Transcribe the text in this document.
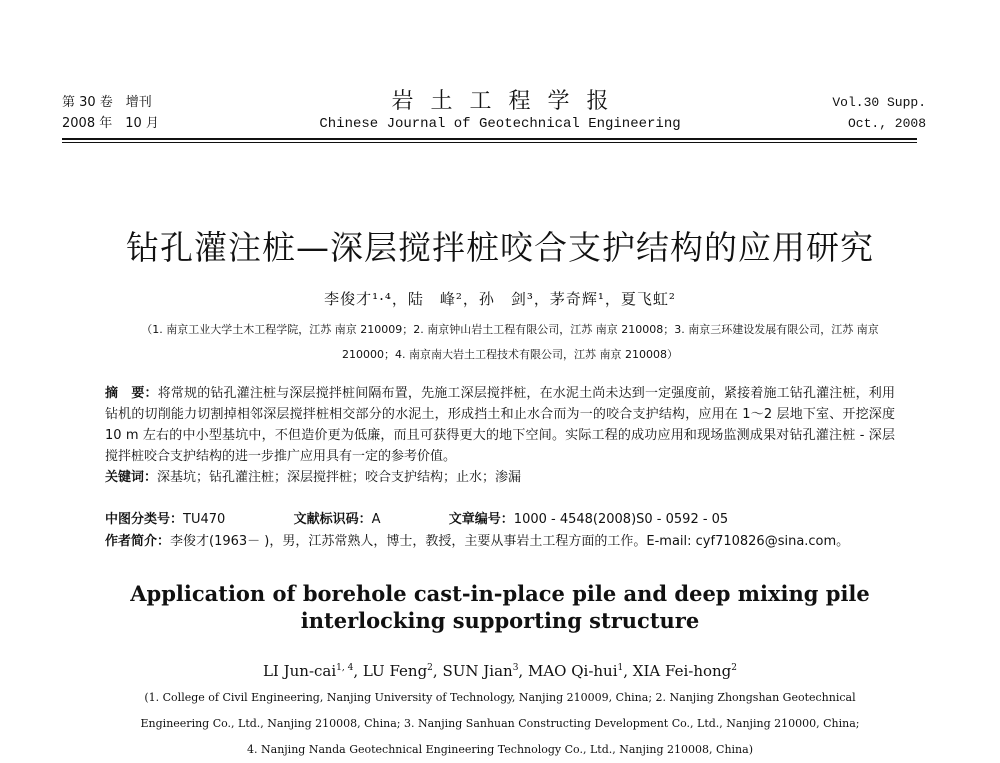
第 30 卷　增刊
2008 年　10 月
岩土工程学报
Chinese Journal of Geotechnical Engineering
Vol.30 Supp.
Oct., 2008
钻孔灌注桩—深层搅拌桩咬合支护结构的应用研究
李俊才¹·⁴，陆　峰²，孙　剑³，茅奇辉¹，夏飞虹²
（1. 南京工业大学土木工程学院，江苏 南京 210009；2. 南京钟山岩土工程有限公司，江苏 南京 210008；3. 南京三环建设发展有限公司，江苏 南京 210000；4. 南京南大岩土工程技术有限公司，江苏 南京 210008）
摘　要：将常规的钻孔灌注桩与深层搅拌桩间隔布置，先施工深层搅拌桩，在水泥土尚未达到一定强度前，紧接着施工钻孔灌注桩，利用钻机的切削能力切割掉相邻深层搅拌桩相交部分的水泥土，形成挡土和止水合而为一的咬合支护结构，应用在 1～2 层地下室、开挖深度 10 m 左右的中小型基坑中，不但造价更为低廉，而且可获得更大的地下空间。实际工程的成功应用和现场监测成果对钻孔灌注桩 - 深层搅拌桩咬合支护结构的进一步推广应用具有一定的参考价值。
关键词：深基坑；钻孔灌注桩；深层搅拌桩；咬合支护结构；止水；渗漏
中图分类号：TU470	文献标识码：A	文章编号：1000 - 4548(2008)S0 - 0592 - 05
作者简介：李俊才(1963－ )，男，江苏常熟人，博士，教授，主要从事岩土工程方面的工作。E-mail: cyf710826@sina.com。
Application of borehole cast-in-place pile and deep mixing pile interlocking supporting structure
LI Jun-cai$^{1, 4}$, LU Feng$^2$, SUN Jian$^3$, MAO Qi-hui$^1$, XIA Fei-hong$^2$
(1. College of Civil Engineering, Nanjing University of Technology, Nanjing 210009, China; 2. Nanjing Zhongshan Geotechnical Engineering Co., Ltd., Nanjing 210008, China; 3. Nanjing Sanhuan Constructing Development Co., Ltd., Nanjing 210000, China; 4. Nanjing Nanda Geotechnical Engineering Technology Co., Ltd., Nanjing 210008, China)
